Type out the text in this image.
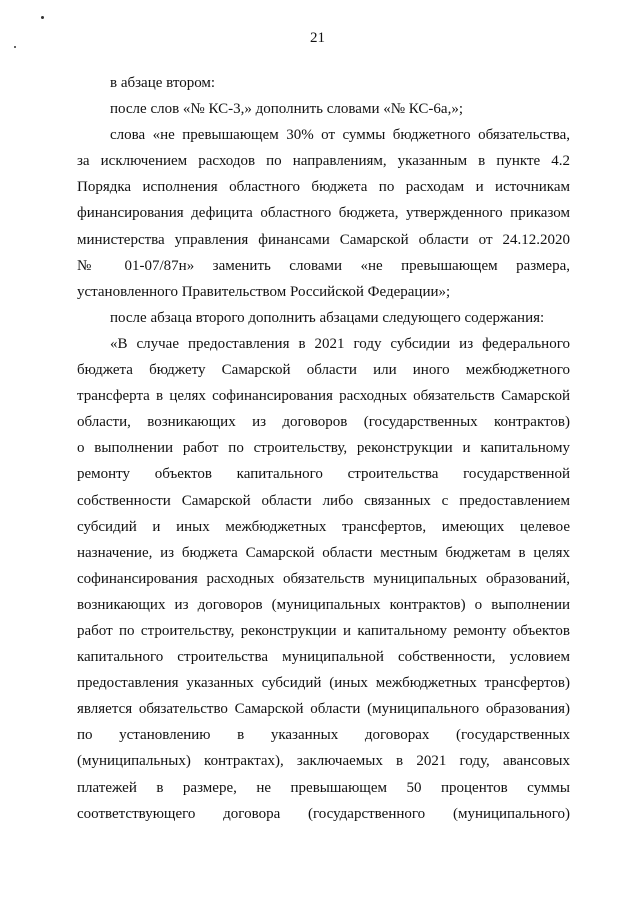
21
в абзаце втором:
после слов «№ КС-3,» дополнить словами «№ КС-6а,»;
слова «не превышающем 30% от суммы бюджетного обязательства,
за исключением расходов по направлениям, указанным в пункте 4.2
Порядка исполнения областного бюджета по расходам и источникам
финансирования дефицита областного бюджета, утвержденного приказом
министерства управления финансами Самарской области от 24.12.2020
№ 01-07/87н» заменить словами «не превышающем размера,
установленного Правительством Российской Федерации»;
после абзаца второго дополнить абзацами следующего содержания:
«В случае предоставления в 2021 году субсидии из федерального
бюджета бюджету Самарской области или иного межбюджетного
трансферта в целях софинансирования расходных обязательств Самарской
области, возникающих из договоров (государственных контрактов)
о выполнении работ по строительству, реконструкции и капитальному
ремонту объектов капитального строительства государственной
собственности Самарской области либо связанных с предоставлением
субсидий и иных межбюджетных трансфертов, имеющих целевое
назначение, из бюджета Самарской области местным бюджетам в целях
софинансирования расходных обязательств муниципальных образований,
возникающих из договоров (муниципальных контрактов) о выполнении
работ по строительству, реконструкции и капитальному ремонту объектов
капитального строительства муниципальной собственности, условием
предоставления указанных субсидий (иных межбюджетных трансфертов)
является обязательство Самарской области (муниципального образования)
по установлению в указанных договорах (государственных
(муниципальных) контрактах), заключаемых в 2021 году, авансовых
платежей в размере, не превышающем 50 процентов суммы
соответствующего договора (государственного (муниципального)
